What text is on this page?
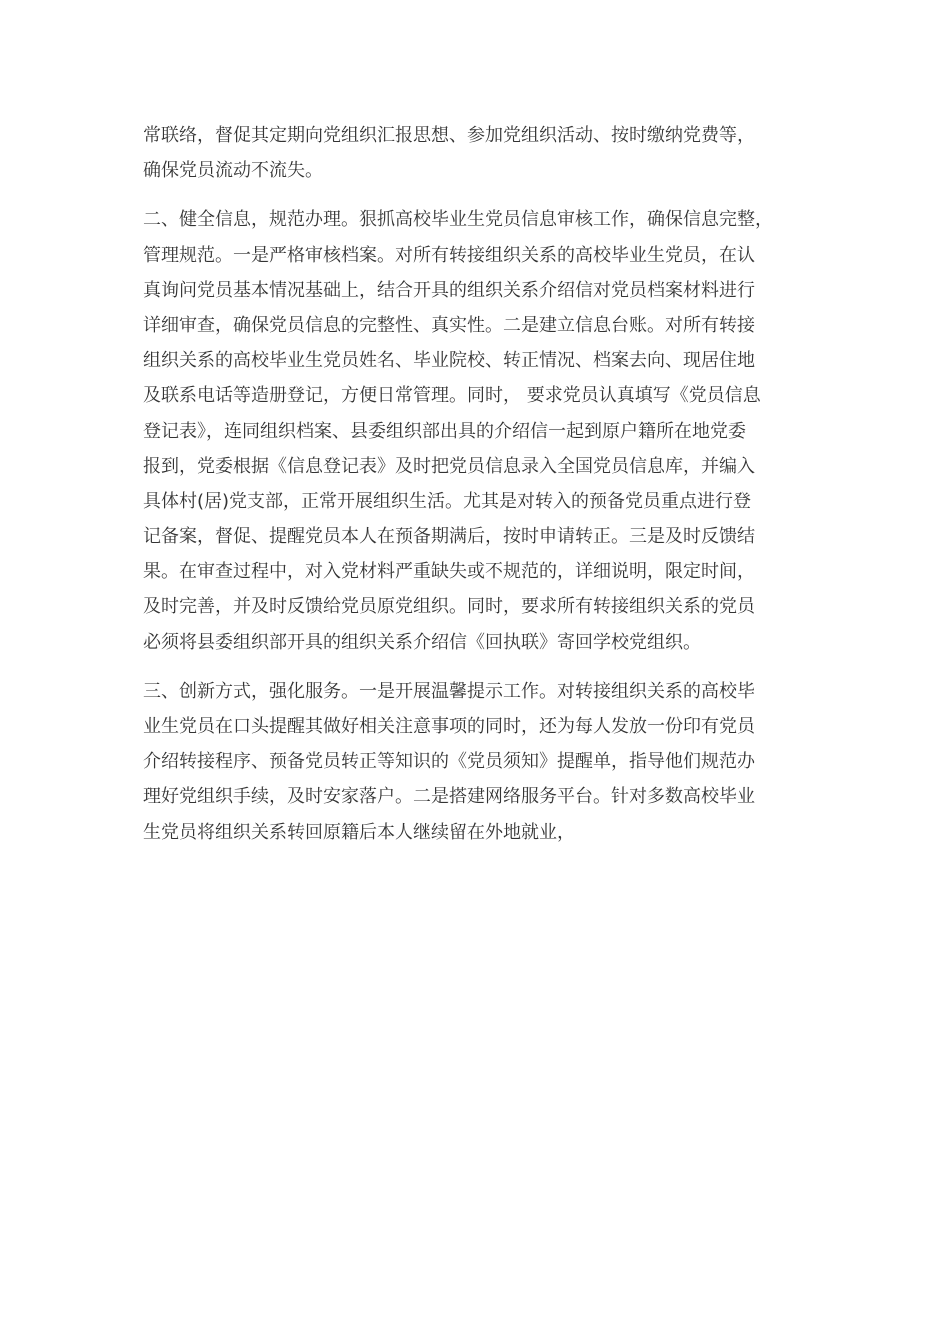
常联络，督促其定期向党组织汇报思想、参加党组织活动、按时缴纳党费等，
确保党员流动不流失。
二、健全信息，规范办理。狠抓高校毕业生党员信息审核工作，确保信息完整，
管理规范。一是严格审核档案。对所有转接组织关系的高校毕业生党员，在认
真询问党员基本情况基础上，结合开具的组织关系介绍信对党员档案材料进行
详细审查，确保党员信息的完整性、真实性。二是建立信息台账。对所有转接
组织关系的高校毕业生党员姓名、毕业院校、转正情况、档案去向、现居住地
及联系电话等造册登记，方便日常管理。同时， 要求党员认真填写《党员信息
登记表》，连同组织档案、县委组织部出具的介绍信一起到原户籍所在地党委
报到，党委根据《信息登记表》及时把党员信息录入全国党员信息库，并编入
具体村(居)党支部，正常开展组织生活。尤其是对转入的预备党员重点进行登
记备案，督促、提醒党员本人在预备期满后，按时申请转正。三是及时反馈结
果。在审查过程中，对入党材料严重缺失或不规范的，详细说明，限定时间，
及时完善，并及时反馈给党员原党组织。同时，要求所有转接组织关系的党员
必须将县委组织部开具的组织关系介绍信《回执联》寄回学校党组织。
三、创新方式，强化服务。一是开展温馨提示工作。对转接组织关系的高校毕
业生党员在口头提醒其做好相关注意事项的同时，还为每人发放一份印有党员
介绍转接程序、预备党员转正等知识的《党员须知》提醒单，指导他们规范办
理好党组织手续，及时安家落户。二是搭建网络服务平台。针对多数高校毕业
生党员将组织关系转回原籍后本人继续留在外地就业，
